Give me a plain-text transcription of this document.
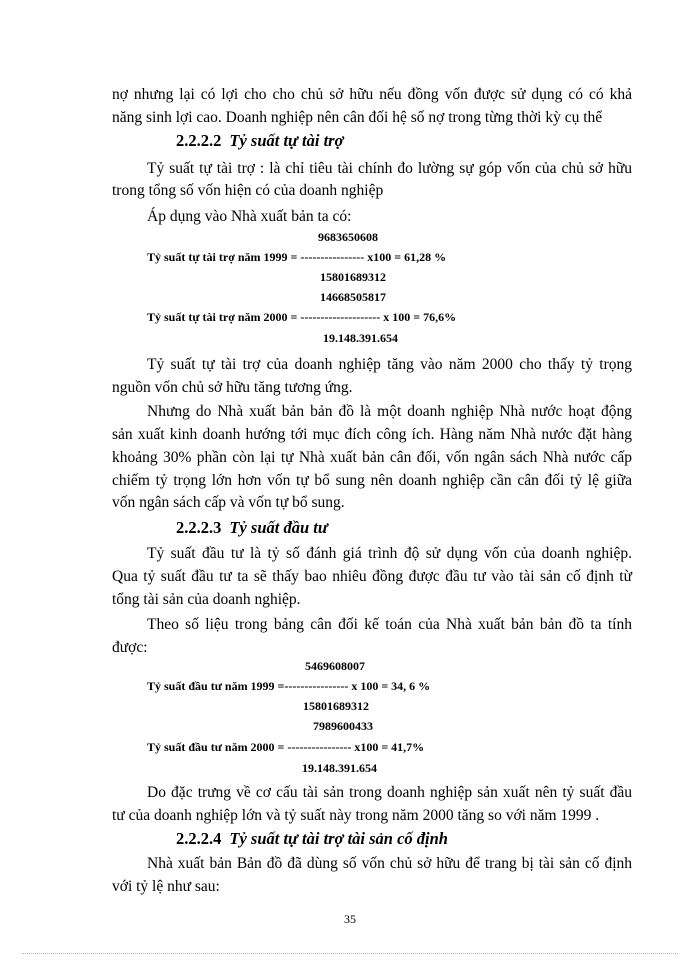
nợ nhưng lại có lợi cho cho chủ sở hữu nếu đồng vốn được sử dụng có có khả
năng sinh lợi cao. Doanh nghiệp nên cân đối hệ số nợ trong từng thời kỳ cụ thể
2.2.2.2 Tỷ suất tự tài trợ
Tỷ suất tự tài trợ : là chỉ tiêu tài chính đo lường sự góp vốn của chủ sở hữu
trong tổng số vốn hiện có của doanh nghiệp
Áp dụng vào Nhà xuất bản ta có:
9683650608
Tỷ suất tự tài trợ năm 1999 = ---------------- x100 = 61,28 %
15801689312
14668505817
Tỷ suất tự tài trợ năm 2000 = -------------------- x 100 = 76,6%
19.148.391.654
Tỷ suất tự tài trợ của doanh nghiệp tăng vào năm 2000 cho thấy tỷ trọng
nguồn vốn chủ sở hữu tăng tương ứng.
Nhưng do Nhà xuất bản bản đồ là một doanh nghiệp Nhà nước hoạt động
sản xuất kinh doanh hướng tới mục đích công ích. Hàng năm Nhà nước đặt hàng
khoảng 30% phần còn lại tự Nhà xuất bản cân đối, vốn ngân sách Nhà nước cấp
chiếm tỷ trọng lớn hơn vốn tự bổ sung nên doanh nghiệp cần cân đối tỷ lệ giữa
vốn ngân sách cấp và vốn tự bổ sung.
2.2.2.3 Tỷ suất đầu tư
Tỷ suất đầu tư là tỷ số đánh giá trình độ sử dụng vốn của doanh nghiệp.
Qua tỷ suất đầu tư ta sẽ thấy bao nhiêu đồng được đầu tư vào tài sản cố định từ
tổng tài sản của doanh nghiệp.
Theo số liệu trong bảng cân đối kế toán của Nhà xuất bản bản đồ ta tính
được:
5469608007
Tỷ suất đầu tư năm 1999 =---------------- x 100 = 34, 6 %
15801689312
7989600433
Tỷ suất đầu tư năm 2000 = ---------------- x100 = 41,7%
19.148.391.654
Do đặc trưng về cơ cấu tài sản trong doanh nghiệp sản xuất nên tỷ suất đầu
tư của doanh nghiệp lớn và tỷ suất này trong năm 2000 tăng so với năm 1999 .
2.2.2.4 Tỷ suất tự tài trợ tài sản cố định
Nhà xuất bản Bản đồ đã dùng số vốn chủ sở hữu để trang bị tài sản cố định
với tỷ lệ như sau:
35
